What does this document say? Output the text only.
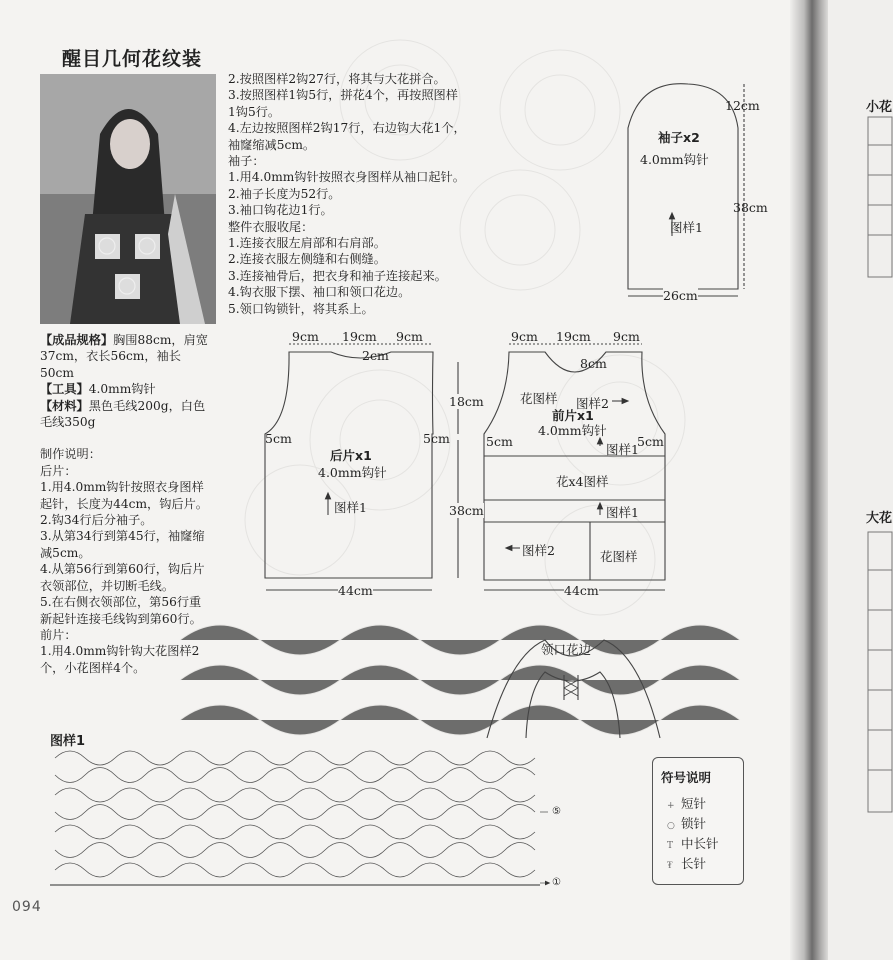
小花
大花
醒目几何花纹装
2.按照图样2钩27行，将其与大花拼合。
3.按照图样1钩5行，拼花4个，再按照图样
1钩5行。
4.左边按照图样2钩17行，右边钩大花1个，
袖窿缩减5cm。
袖子：
1.用4.0mm钩针按照衣身图样从袖口起针。
2.袖子长度为52行。
3.袖口钩花边1行。
整件衣服收尾：
1.连接衣服左肩部和右肩部。
2.连接衣服左侧缝和右侧缝。
3.连接袖骨后，把衣身和袖子连接起来。
4.钩衣服下摆、袖口和领口花边。
5.领口钩锁针，将其系上。

【成品规格】胸围88cm，肩宽37cm，衣长56cm，袖长50cm

【工具】4.0mm钩针

【材料】黑色毛线200g，白色毛线350g

制作说明：

后片：

1.用4.0mm钩针按照衣身图样起针，长度为44cm，钩后片。

2.钩34行后分袖子。

3.从第34行到第45行，袖窿缩减5cm。

4.从第56行到第60行，钩后片衣领部位，并切断毛线。

5.在右侧衣领部位，第56行重新起针连接毛线钩到第60行。

前片：

1.用4.0mm钩针钩大花图样2个，小花图样4个。

袖子x2
4.0mm钩针
图样1
12cm
38cm
26cm
9cm 19cm 9cm
2cm
18cm
38cm
5cm	5cm
后片x1
4.0mm钩针
图样1
44cm
9cm 19cm 9cm
8cm
花图样 图样2
前片x1
4.0mm钩针
5cm	5cm
图样1
花x4图样
图样1
图样2	花图样
44cm
领口花边
图样1
⑤
①
符号说明
+ 短针
○ 锁针
T 中长针
₮ 长针
094
